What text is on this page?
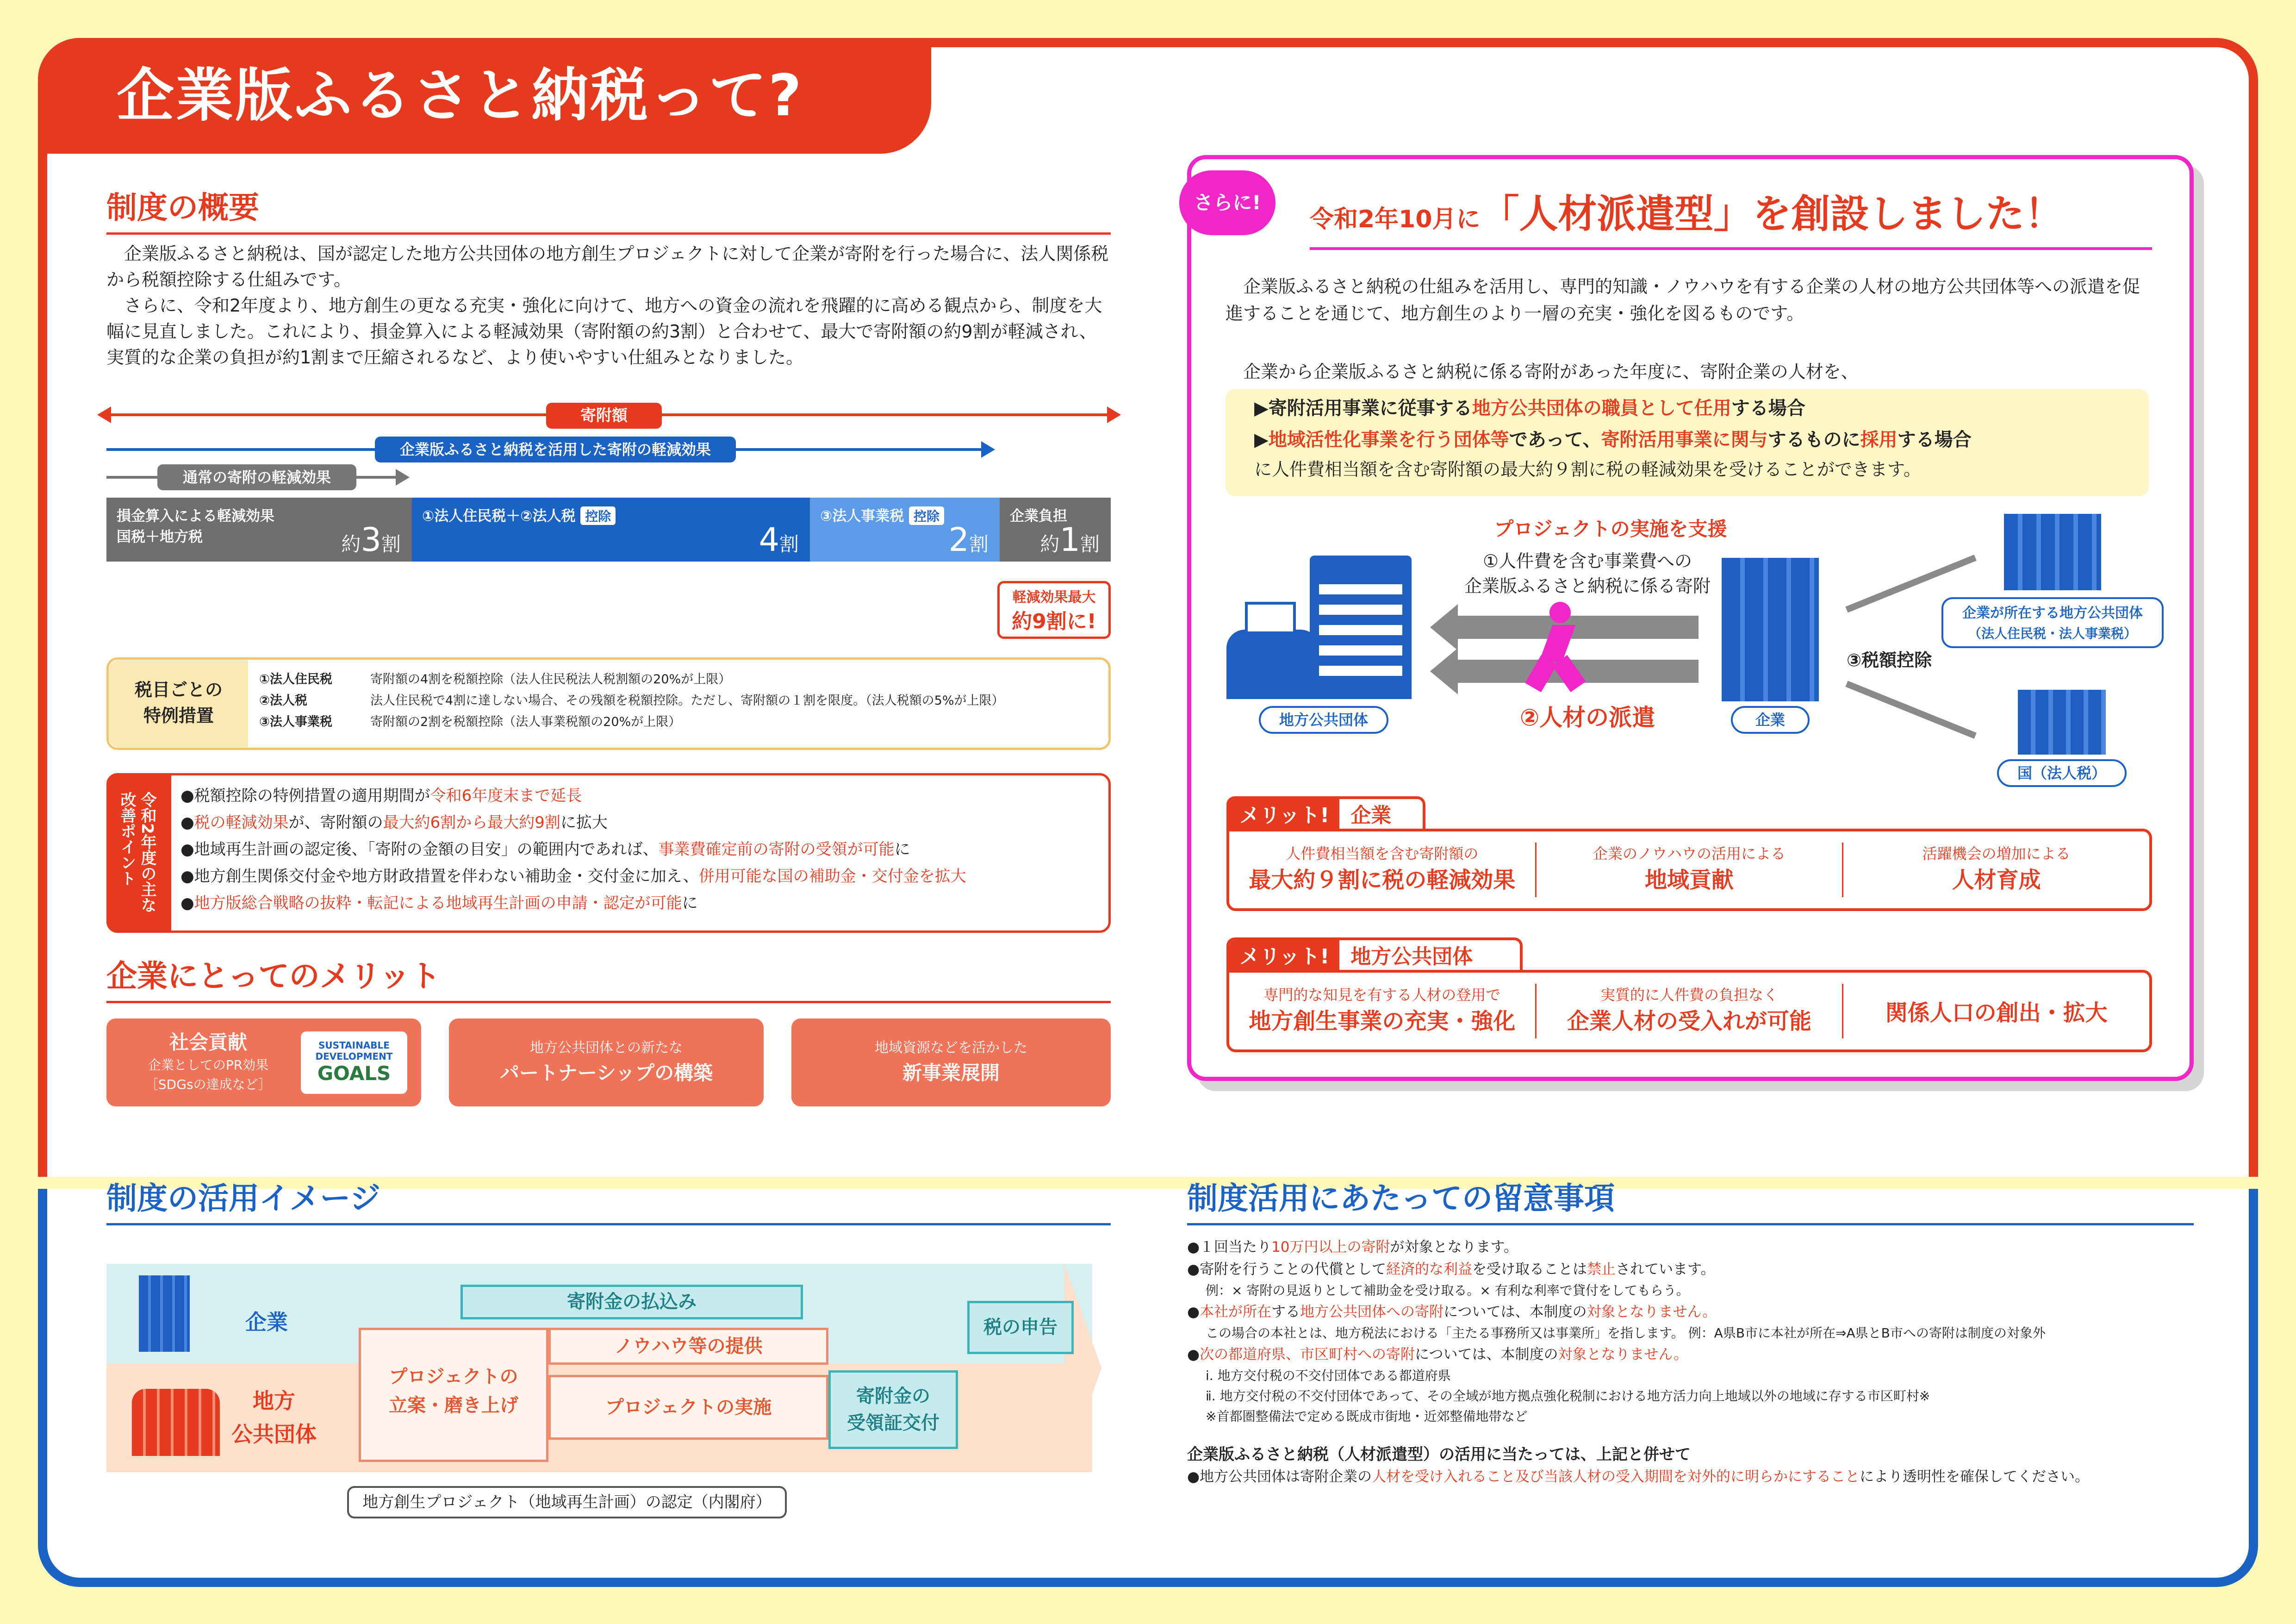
企業版ふるさと納税って?
制度の概要

企業版ふるさと納税は、国が認定した地方公共団体の地方創生プロジェクトに対して企業が寄附を行った場合に、法人関係税から税額控除する仕組みです。

さらに、令和2年度より、地方創生の更なる充実・強化に向けて、地方への資金の流れを飛躍的に高める観点から、制度を大幅に見直しました。これにより、損金算入による軽減効果（寄附額の約3割）と合わせて、最大で寄附額の約9割が軽減され、実質的な企業の負担が約1割まで圧縮されるなど、より使いやすい仕組みとなりました。

寄附額
企業版ふるさと納税を活用した寄附の軽減効果
通常の寄附の軽減効果
損金算入による軽減効果
国税＋地方税	約3割
①法人住民税＋②法人税 控除
4割
③法人事業税 控除
2割
企業負担
約1割
軽減効果最大
約9割に!
税目ごとの
特例措置
①法人住民税	寄附額の4割を税額控除（法人住民税法人税割額の20%が上限）
②法人税	法人住民税で4割に達しない場合、その残額を税額控除。ただし、寄附額の１割を限度。（法人税額の5%が上限）
③法人事業税	寄附額の2割を税額控除（法人事業税額の20%が上限）
令和2年度の主な改善ポイント	●税額控除の特例措置の適用期間が令和6年度末まで延長
●税の軽減効果が、寄附額の最大約6割から最大約9割に拡大
●地域再生計画の認定後、「寄附の金額の目安」の範囲内であれば、事業費確定前の寄附の受領が可能に
●地方創生関係交付金や地方財政措置を伴わない補助金・交付金に加え、併用可能な国の補助金・交付金を拡大
●地方版総合戦略の抜粋・転記による地域再生計画の申請・認定が可能に
企業にとってのメリット
社会貢献
企業としてのPR効果
［SDGsの達成など］
SUSTAINABLE
DEVELOPMENT
GOALS
地方公共団体との新たな
パートナーシップの構築
地域資源などを活かした
新事業展開
さらに!
令和2年10月に「人材派遣型」を創設しました！
企業版ふるさと納税の仕組みを活用し、専門的知識・ノウハウを有する企業の人材の地方公共団体等への派遣を促進することを通じて、地方創生のより一層の充実・強化を図るものです。
企業から企業版ふるさと納税に係る寄附があった年度に、寄附企業の人材を、
▶寄附活用事業に従事する地方公共団体の職員として任用する場合
▶地域活性化事業を行う団体等であって、寄附活用事業に関与するものに採用する場合
に人件費相当額を含む寄附額の最大約９割に税の軽減効果を受けることができます。
プロジェクトの実施を支援
①人件費を含む事業費への
企業版ふるさと納税に係る寄附
②人材の派遣
地方公共団体	企業
③税額控除
企業が所在する地方公共団体
（法人住民税・法人事業税）
国（法人税）
メリット! 企業
人件費相当額を含む寄附額の
最大約９割に税の軽減効果
企業のノウハウの活用による
地域貢献
活躍機会の増加による
人材育成
メリット! 地方公共団体
専門的な知見を有する人材の登用で
地方創生事業の充実・強化
実質的に人件費の負担なく
企業人材の受入れが可能	関係人口の創出・拡大
制度の活用イメージ
企業
地方
公共団体
寄附金の払込み
税の申告
プロジェクトの
立案・磨き上げ
ノウハウ等の提供
プロジェクトの実施
寄附金の
受領証交付
地方創生プロジェクト（地域再生計画）の認定（内閣府）
制度活用にあたっての留意事項
●１回当たり10万円以上の寄附が対象となります。
●寄附を行うことの代償として経済的な利益を受け取ることは禁止されています。
例：× 寄附の見返りとして補助金を受け取る。× 有利な利率で貸付をしてもらう。
●本社が所在する地方公共団体への寄附については、本制度の対象となりません。
この場合の本社とは、地方税法における「主たる事務所又は事業所」を指します。 例：A県B市に本社が所在⇒A県とB市への寄附は制度の対象外
●次の都道府県、市区町村への寄附については、本制度の対象となりません。
ⅰ. 地方交付税の不交付団体である都道府県
ⅱ. 地方交付税の不交付団体であって、その全域が地方拠点強化税制における地方活力向上地域以外の地域に存する市区町村※
※首都圏整備法で定める既成市街地・近郊整備地帯など
企業版ふるさと納税（人材派遣型）の活用に当たっては、上記と併せて
●地方公共団体は寄附企業の人材を受け入れること及び当該人材の受入期間を対外的に明らかにすることにより透明性を確保してください。
